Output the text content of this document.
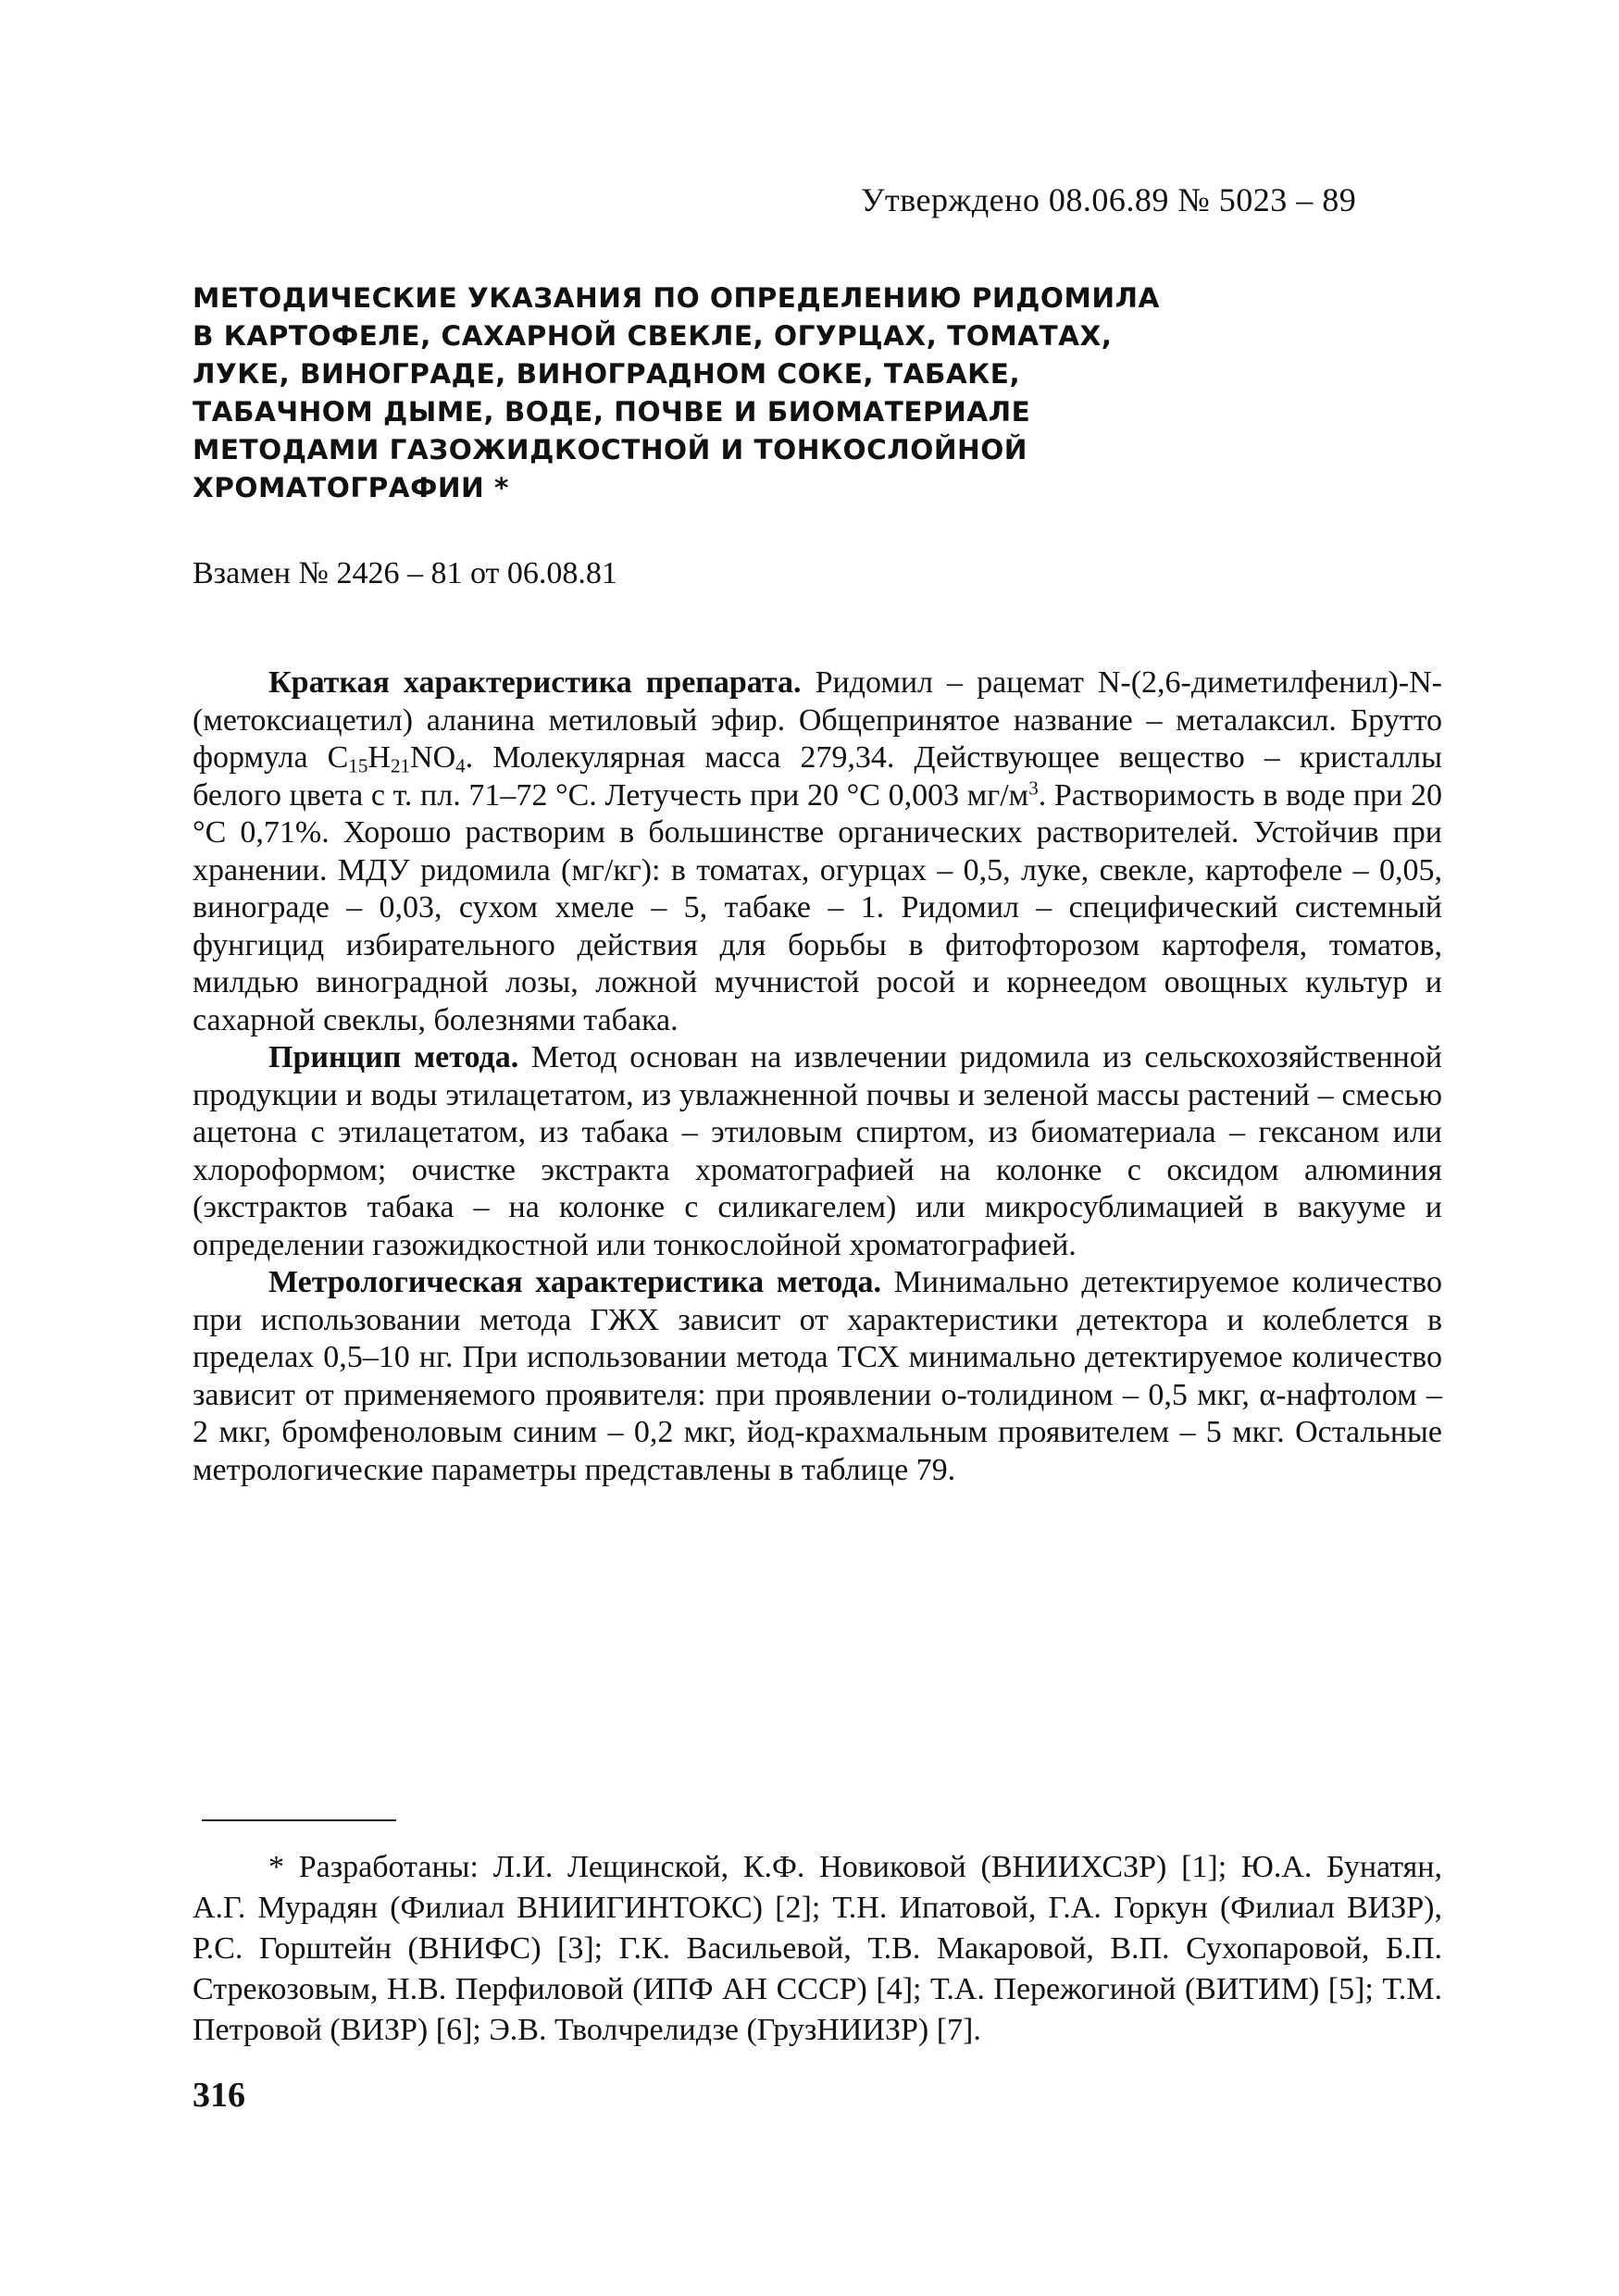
Утверждено 08.06.89 № 5023 – 89
МЕТОДИЧЕСКИЕ УКАЗАНИЯ ПО ОПРЕДЕЛЕНИЮ РИДОМИЛА
В КАРТОФЕЛЕ, САХАРНОЙ СВЕКЛЕ, ОГУРЦАХ, ТОМАТАХ,
ЛУКЕ, ВИНОГРАДЕ, ВИНОГРАДНОМ СОКЕ, ТАБАКЕ,
ТАБАЧНОМ ДЫМЕ, ВОДЕ, ПОЧВЕ И БИОМАТЕРИАЛЕ
МЕТОДАМИ ГАЗОЖИДКОСТНОЙ И ТОНКОСЛОЙНОЙ
ХРОМАТОГРАФИИ *
Взамен № 2426 – 81 от 06.08.81

Краткая характеристика препарата. Ридомил – рацемат N-(2,6-диметилфенил)-N-(метоксиацетил) аланина метиловый эфир. Общепринятое название – металаксил. Брутто формула $C_{15}H_{21}NO_4$. Молекулярная масса 279,34. Действующее вещество – кристаллы белого цвета с т. пл. 71–72 °С. Летучесть при 20 °С 0,003 $мг/м^3$. Растворимость в воде при 20 °С 0,71%. Хорошо растворим в большинстве органических растворителей. Устойчив при хранении. МДУ ридомила (мг/кг): в томатах, огурцах – 0,5, луке, свекле, картофеле – 0,05, винограде – 0,03, сухом хмеле – 5, табаке – 1. Ридомил – специфический системный фунгицид избирательного действия для борьбы в фитофторозом картофеля, томатов, милдью виноградной лозы, ложной мучнистой росой и корнеедом овощных культур и сахарной свеклы, болезнями табака.

Принцип метода. Метод основан на извлечении ридомила из сельскохозяйственной продукции и воды этилацетатом, из увлажненной почвы и зеленой массы растений – смесью ацетона с этилацетатом, из табака – этиловым спиртом, из биоматериала – гексаном или хлороформом; очистке экстракта хроматографией на колонке с оксидом алюминия (экстрактов табака – на колонке с силикагелем) или микросублимацией в вакууме и определении газожидкостной или тонкослойной хроматографией.

Метрологическая характеристика метода. Минимально детектируемое количество при использовании метода ГЖХ зависит от характеристики детектора и колеблется в пределах 0,5–10 нг. При использовании метода ТСХ минимально детектируемое количество зависит от применяемого проявителя: при проявлении о-толидином – 0,5 мкг, α-нафтолом – 2 мкг, бромфеноловым синим – 0,2 мкг, йод-крахмальным проявителем – 5 мкг. Остальные метрологические параметры представлены в таблице 79.

* Разработаны: Л.И. Лещинской, К.Ф. Новиковой (ВНИИХСЗР) [1]; Ю.А. Бунатян, А.Г. Мурадян (Филиал ВНИИГИНТОКС) [2]; Т.Н. Ипатовой, Г.А. Горкун (Филиал ВИЗР), Р.С. Горштейн (ВНИФС) [3]; Г.К. Васильевой, Т.В. Макаровой, В.П. Сухопаровой, Б.П. Стрекозовым, Н.В. Перфиловой (ИПФ АН СССР) [4]; Т.А. Пережогиной (ВИТИМ) [5]; Т.М. Петровой (ВИЗР) [6]; Э.В. Тволчрелидзе (ГрузНИИЗР) [7].

316
